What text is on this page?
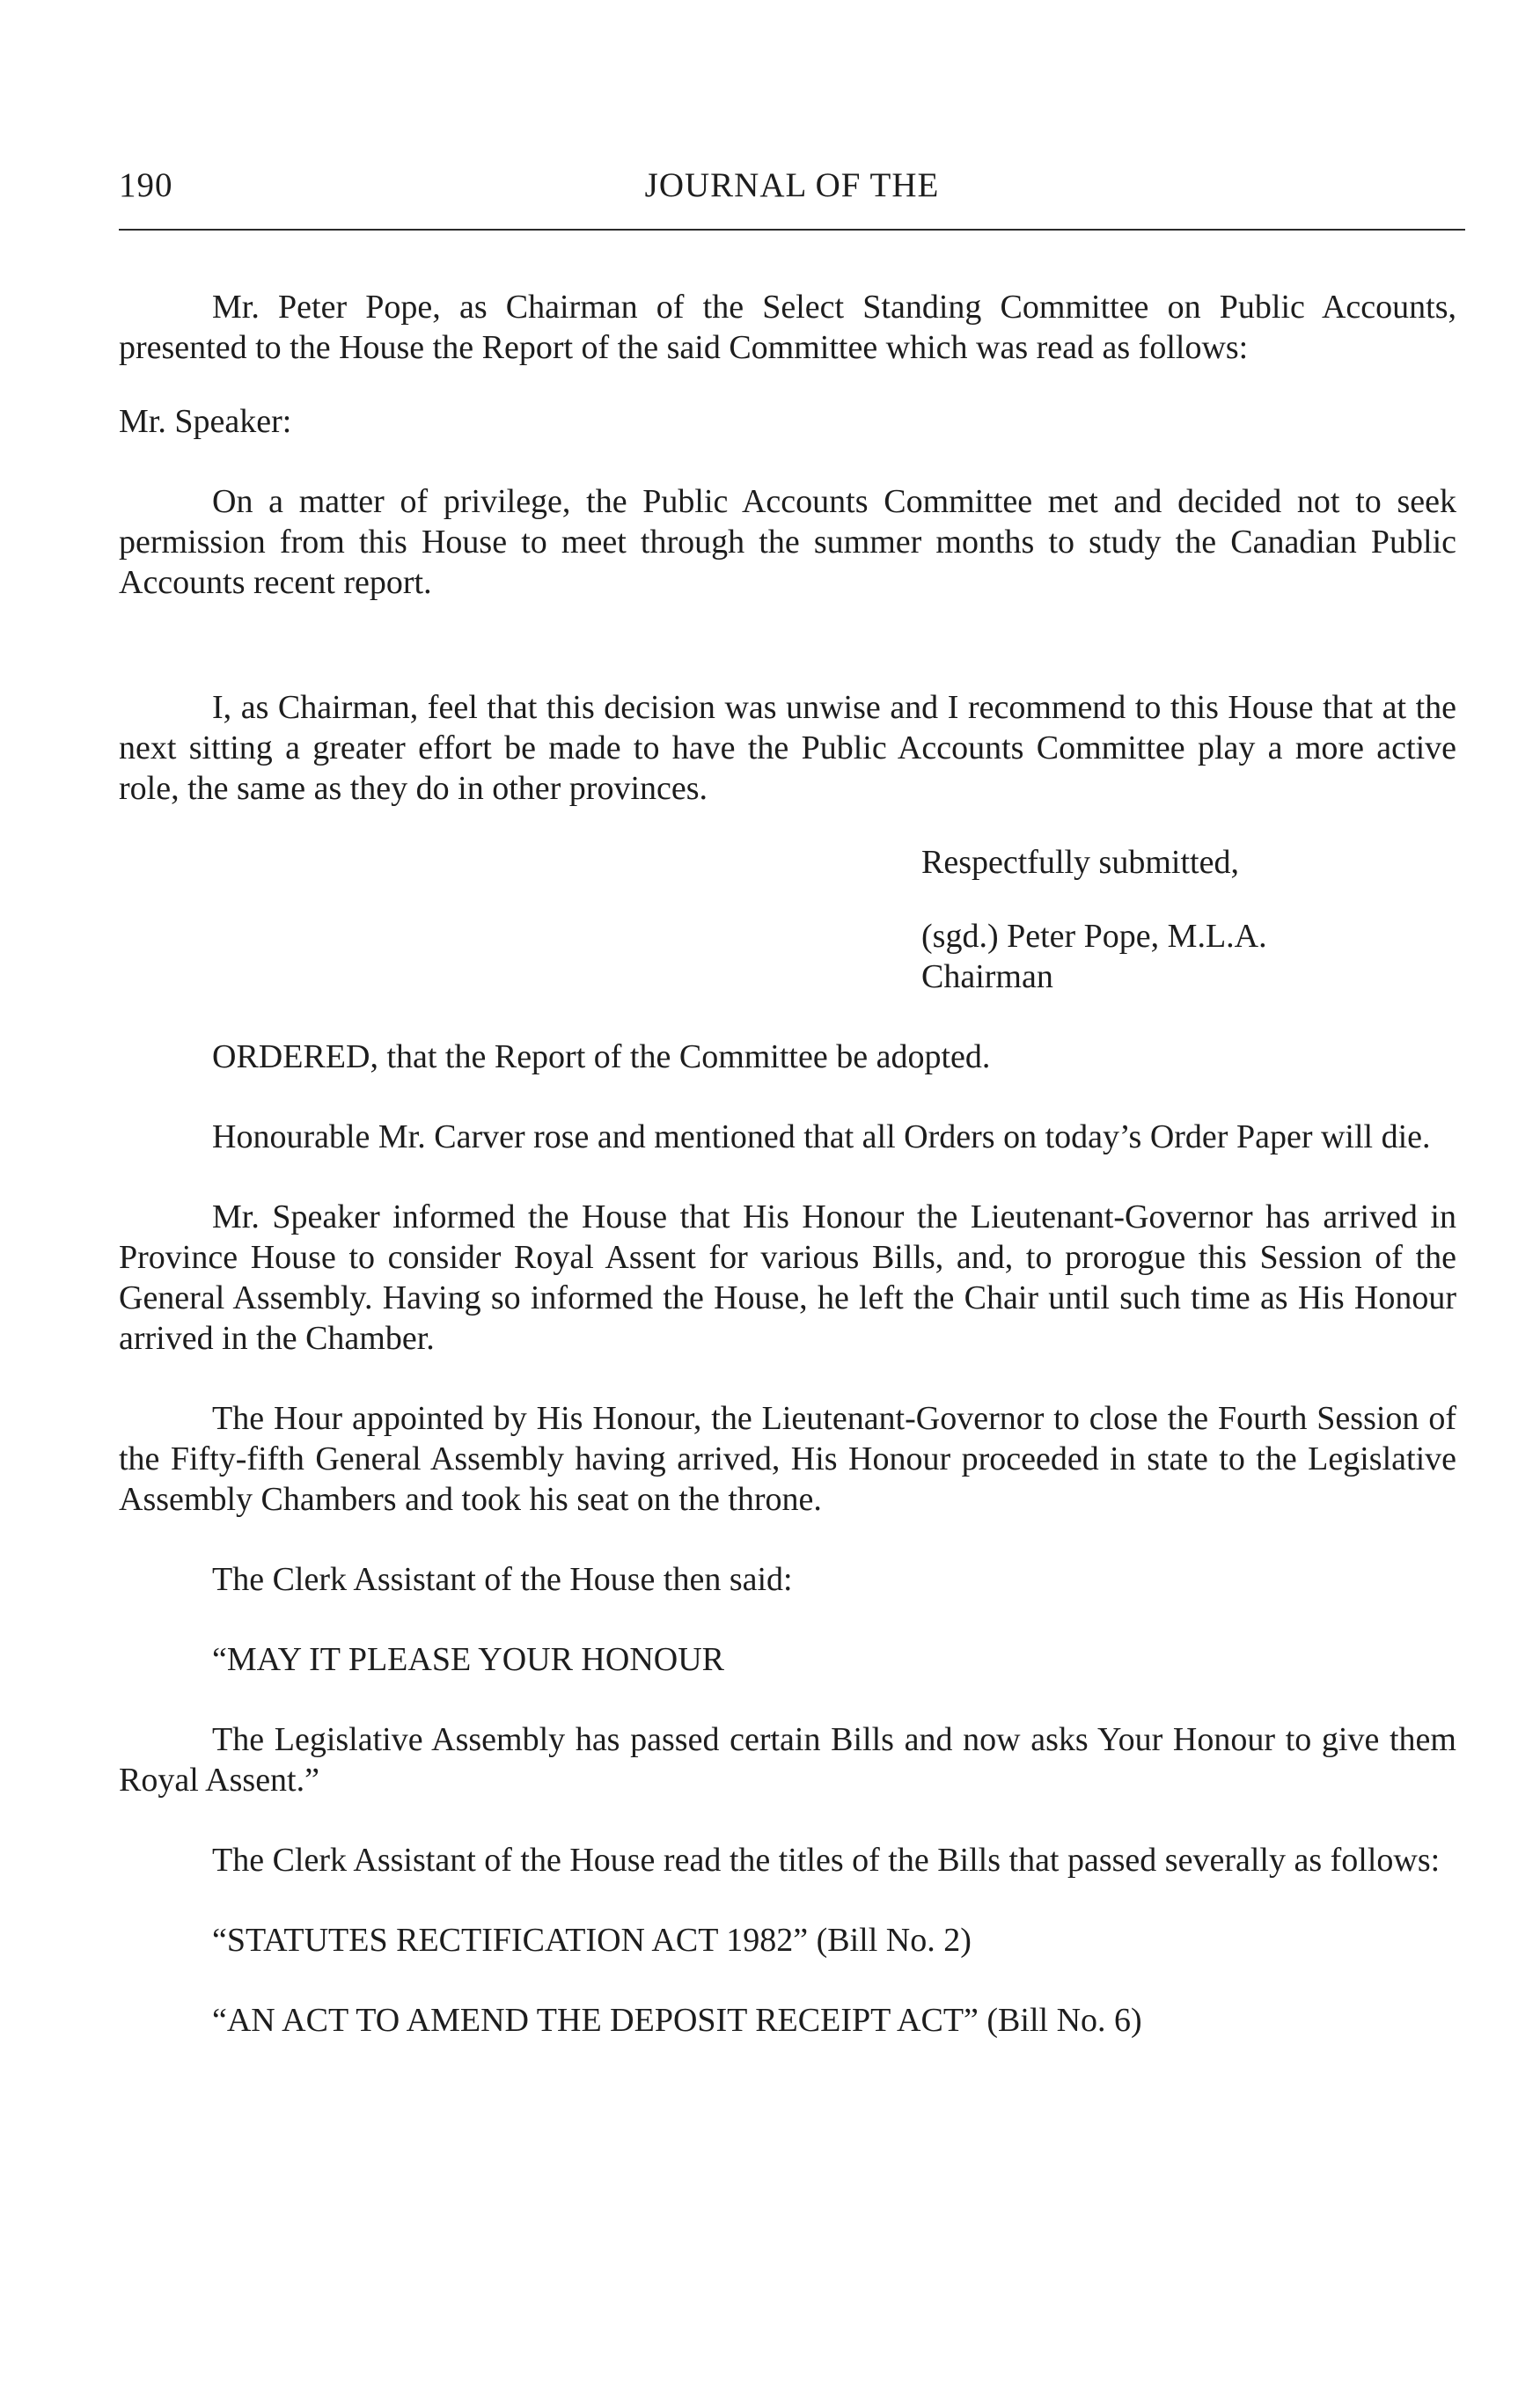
190	JOURNAL OF THE

Mr. Peter Pope, as Chairman of the Select Standing Committee on Public Accounts, presented to the House the Report of the said Committee which was read as follows:

Mr. Speaker:

On a matter of privilege, the Public Accounts Committee met and decided not to seek permission from this House to meet through the summer months to study the Canadian Public Accounts recent report.

I, as Chairman, feel that this decision was unwise and I recommend to this House that at the next sitting a greater effort be made to have the Public Accounts Committee play a more active role, the same as they do in other provinces.

Respectfully submitted,

(sgd.) Peter Pope, M.L.A.

Chairman

ORDERED, that the Report of the Committee be adopted.

Honourable Mr. Carver rose and mentioned that all Orders on today’s Order Paper will die.

Mr. Speaker informed the House that His Honour the Lieutenant-Governor has arrived in Province House to consider Royal Assent for various Bills, and, to prorogue this Session of the General Assembly. Having so informed the House, he left the Chair until such time as His Honour arrived in the Chamber.

The Hour appointed by His Honour, the Lieutenant-Governor to close the Fourth Session of the Fifty-fifth General Assembly having arrived, His Honour proceeded in state to the Legislative Assembly Chambers and took his seat on the throne.

The Clerk Assistant of the House then said:

“MAY IT PLEASE YOUR HONOUR

The Legislative Assembly has passed certain Bills and now asks Your Honour to give them Royal Assent.”

The Clerk Assistant of the House read the titles of the Bills that passed severally as follows:

“STATUTES RECTIFICATION ACT 1982” (Bill No. 2)

“AN ACT TO AMEND THE DEPOSIT RECEIPT ACT” (Bill No. 6)
